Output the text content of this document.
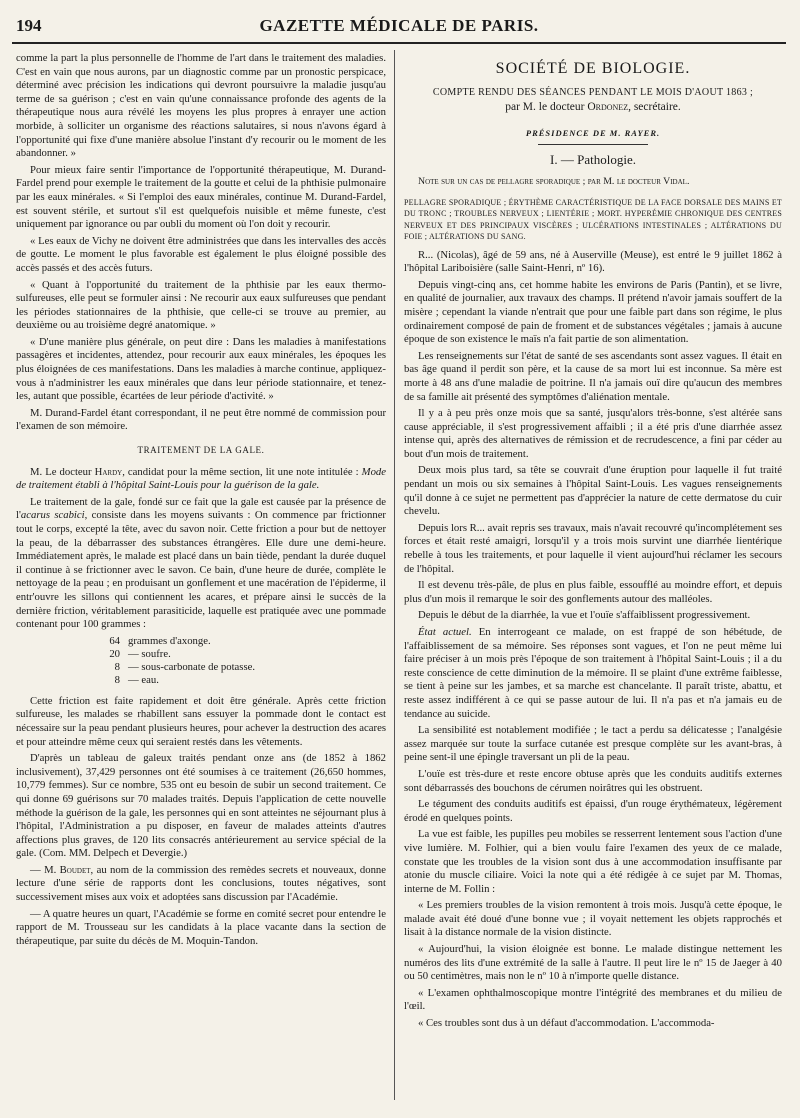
194	GAZETTE MÉDICALE DE PARIS.

comme la part la plus personnelle de l'homme de l'art dans le traitement des maladies. C'est en vain que nous aurons, par un diagnostic comme par un pronostic perspicace, déterminé avec précision les indications qui devront poursuivre la maladie jusqu'au terme de sa guérison ; c'est en vain qu'une connaissance profonde des agents de la thérapeutique nous aura révélé les moyens les plus propres à enrayer une action morbide, à solliciter un organisme des réactions salutaires, si nous n'avons égard à l'opportunité qui fixe d'une manière absolue l'instant d'y recourir ou le moment de les abandonner. »

Pour mieux faire sentir l'importance de l'opportunité thérapeutique, M. Durand-Fardel prend pour exemple le traitement de la goutte et celui de la phthisie pulmonaire par les eaux minérales. « Si l'emploi des eaux minérales, continue M. Durand-Fardel, est souvent stérile, et surtout s'il est quelquefois nuisible et même funeste, c'est uniquement par ignorance ou par oubli du moment où l'on doit y recourir.

« Les eaux de Vichy ne doivent être administrées que dans les intervalles des accès de goutte. Le moment le plus favorable est également le plus éloigné possible des accès passés et des accès futurs.

« Quant à l'opportunité du traitement de la phthisie par les eaux thermo-sulfureuses, elle peut se formuler ainsi : Ne recourir aux eaux sulfureuses que pendant les périodes stationnaires de la phthisie, que celle-ci se trouve au premier, au deuxième ou au troisième degré anatomique. »

« D'une manière plus générale, on peut dire : Dans les maladies à manifestations passagères et incidentes, attendez, pour recourir aux eaux minérales, les époques les plus éloignées de ces manifestations. Dans les maladies à marche continue, appliquez-vous à n'administrer les eaux minérales que dans leur période stationnaire, et tenez-les, autant que possible, écartées de leur période d'activité. »

M. Durand-Fardel étant correspondant, il ne peut être nommé de commission pour l'examen de son mémoire.

TRAITEMENT DE LA GALE.

M. Le docteur Hardy, candidat pour la même section, lit une note intitulée : Mode de traitement établi à l'hôpital Saint-Louis pour la guérison de la gale.

Le traitement de la gale, fondé sur ce fait que la gale est causée par la présence de l'acarus scabici, consiste dans les moyens suivants : On commence par frictionner tout le corps, excepté la tête, avec du savon noir. Cette friction a pour but de nettoyer la peau, de la débarrasser des substances étrangères. Elle dure une demi-heure. Immédiatement après, le malade est placé dans un bain tiède, pendant la durée duquel il continue à se frictionner avec le savon. Ce bain, d'une heure de durée, complète le nettoyage de la peau ; en produisant un gonflement et une macération de l'épiderme, il entr'ouvre les sillons qui contiennent les acares, et prépare ainsi le succès de la dernière friction, véritablement parasiticide, laquelle est pratiquée avec une pommade contenant pour 100 grammes :

64 grammes d'axonge.
20 — soufre.
8 — sous-carbonate de potasse.
8 — eau.

Cette friction est faite rapidement et doit être générale. Après cette friction sulfureuse, les malades se rhabillent sans essuyer la pommade dont le contact est nécessaire sur la peau pendant plusieurs heures, pour achever la destruction des acares et pour atteindre même ceux qui seraient restés dans les vêtements.

D'après un tableau de galeux traités pendant onze ans (de 1852 à 1862 inclusivement), 37,429 personnes ont été soumises à ce traitement (26,650 hommes, 10,779 femmes). Sur ce nombre, 535 ont eu besoin de subir un second traitement. Ce qui donne 69 guérisons sur 70 malades traités. Depuis l'application de cette nouvelle méthode la guérison de la gale, les personnes qui en sont atteintes ne séjournant plus à l'hôpital, l'Administration a pu disposer, en faveur de malades atteints d'autres affections plus graves, de 120 lits consacrés antérieurement au service spécial de la gale. (Com. MM. Delpech et Devergie.)

— M. Boudet, au nom de la commission des remèdes secrets et nouveaux, donne lecture d'une série de rapports dont les conclusions, toutes négatives, sont successivement mises aux voix et adoptées sans discussion par l'Académie.

— A quatre heures un quart, l'Académie se forme en comité secret pour entendre le rapport de M. Trousseau sur les candidats à la place vacante dans la section de thérapeutique, par suite du décès de M. Moquin-Tandon.

SOCIÉTÉ DE BIOLOGIE.
COMPTE RENDU DES SÉANCES PENDANT LE MOIS D'AOUT 1863 ;
par M. le docteur Ordonez, secrétaire.
PRÉSIDENCE DE M. RAYER.
I. — Pathologie.

Note sur un cas de pellagre sporadique ; par M. le docteur Vidal.

PELLAGRE SPORADIQUE ; ÉRYTHÈME CARACTÉRISTIQUE DE LA FACE DORSALE DES MAINS ET DU TRONC ; TROUBLES NERVEUX ; LIENTÉRIE ; MORT. HYPERÉMIE CHRONIQUE DES CENTRES NERVEUX ET DES PRINCIPAUX VISCÈRES ; ULCÉRATIONS INTESTINALES ; ALTÉRATIONS DU FOIE ; ALTÉRATIONS DU SANG.

R... (Nicolas), âgé de 59 ans, né à Auserville (Meuse), est entré le 9 juillet 1862 à l'hôpital Lariboisière (salle Saint-Henri, nº 16).

Depuis vingt-cinq ans, cet homme habite les environs de Paris (Pantin), et se livre, en qualité de journalier, aux travaux des champs. Il prétend n'avoir jamais souffert de la misère ; cependant la viande n'entrait que pour une faible part dans son régime, le plus ordinairement composé de pain de froment et de substances végétales ; jamais à aucune époque de son existence le maïs n'a fait partie de son alimentation.

Les renseignements sur l'état de santé de ses ascendants sont assez vagues. Il était en bas âge quand il perdit son père, et la cause de sa mort lui est inconnue. Sa mère est morte à 48 ans d'une maladie de poitrine. Il n'a jamais ouï dire qu'aucun des membres de sa famille ait présenté des symptômes d'aliénation mentale.

Il y a à peu près onze mois que sa santé, jusqu'alors très-bonne, s'est altérée sans cause appréciable, il s'est progressivement affaibli ; il a été pris d'une diarrhée assez intense qui, après des alternatives de rémission et de recrudescence, a fini par céder au bout d'un mois de traitement.

Deux mois plus tard, sa tête se couvrait d'une éruption pour laquelle il fut traité pendant un mois ou six semaines à l'hôpital Saint-Louis. Les vagues renseignements qu'il donne à ce sujet ne permettent pas d'apprécier la nature de cette dermatose du cuir chevelu.

Depuis lors R... avait repris ses travaux, mais n'avait recouvré qu'incomplétement ses forces et était resté amaigri, lorsqu'il y a trois mois survint une diarrhée lientérique rebelle à tous les traitements, et pour laquelle il vient aujourd'hui réclamer les secours de l'hôpital.

Il est devenu très-pâle, de plus en plus faible, essoufflé au moindre effort, et depuis plus d'un mois il remarque le soir des gonflements autour des malléoles.

Depuis le début de la diarrhée, la vue et l'ouïe s'affaiblissent progressivement.

État actuel. En interrogeant ce malade, on est frappé de son hébétude, de l'affaiblissement de sa mémoire. Ses réponses sont vagues, et l'on ne peut même lui faire préciser à un mois près l'époque de son traitement à l'hôpital Saint-Louis ; il a du reste conscience de cette diminution de la mémoire. Il se plaint d'une extrême faiblesse, se tient à peine sur les jambes, et sa marche est chancelante. Il paraît triste, abattu, et reste assez indifférent à ce qui se passe autour de lui. Il n'a pas et n'a jamais eu de tendance au suicide.

La sensibilité est notablement modifiée ; le tact a perdu sa délicatesse ; l'analgésie assez marquée sur toute la surface cutanée est presque complète sur les avant-bras, à peine sent-il une épingle traversant un pli de la peau.

L'ouïe est très-dure et reste encore obtuse après que les conduits auditifs externes sont débarrassés des bouchons de cérumen noirâtres qui les obstruent.

Le tégument des conduits auditifs est épaissi, d'un rouge érythémateux, légèrement érodé en quelques points.

La vue est faible, les pupilles peu mobiles se resserrent lentement sous l'action d'une vive lumière. M. Folhier, qui a bien voulu faire l'examen des yeux de ce malade, constate que les troubles de la vision sont dus à une accommodation insuffisante par atonie du muscle ciliaire. Voici la note qui a été rédigée à ce sujet par M. Thomas, interne de M. Follin :

« Les premiers troubles de la vision remontent à trois mois. Jusqu'à cette époque, le malade avait été doué d'une bonne vue ; il voyait nettement les objets rapprochés et lisait à la distance normale de la vision distincte.

« Aujourd'hui, la vision éloignée est bonne. Le malade distingue nettement les numéros des lits d'une extrémité de la salle à l'autre. Il peut lire le nº 15 de Jaeger à 40 ou 50 centimètres, mais non le nº 10 à n'importe quelle distance.

« L'examen ophthalmoscopique montre l'intégrité des membranes et du milieu de l'œil.

« Ces troubles sont dus à un défaut d'accommodation. L'accommoda-
